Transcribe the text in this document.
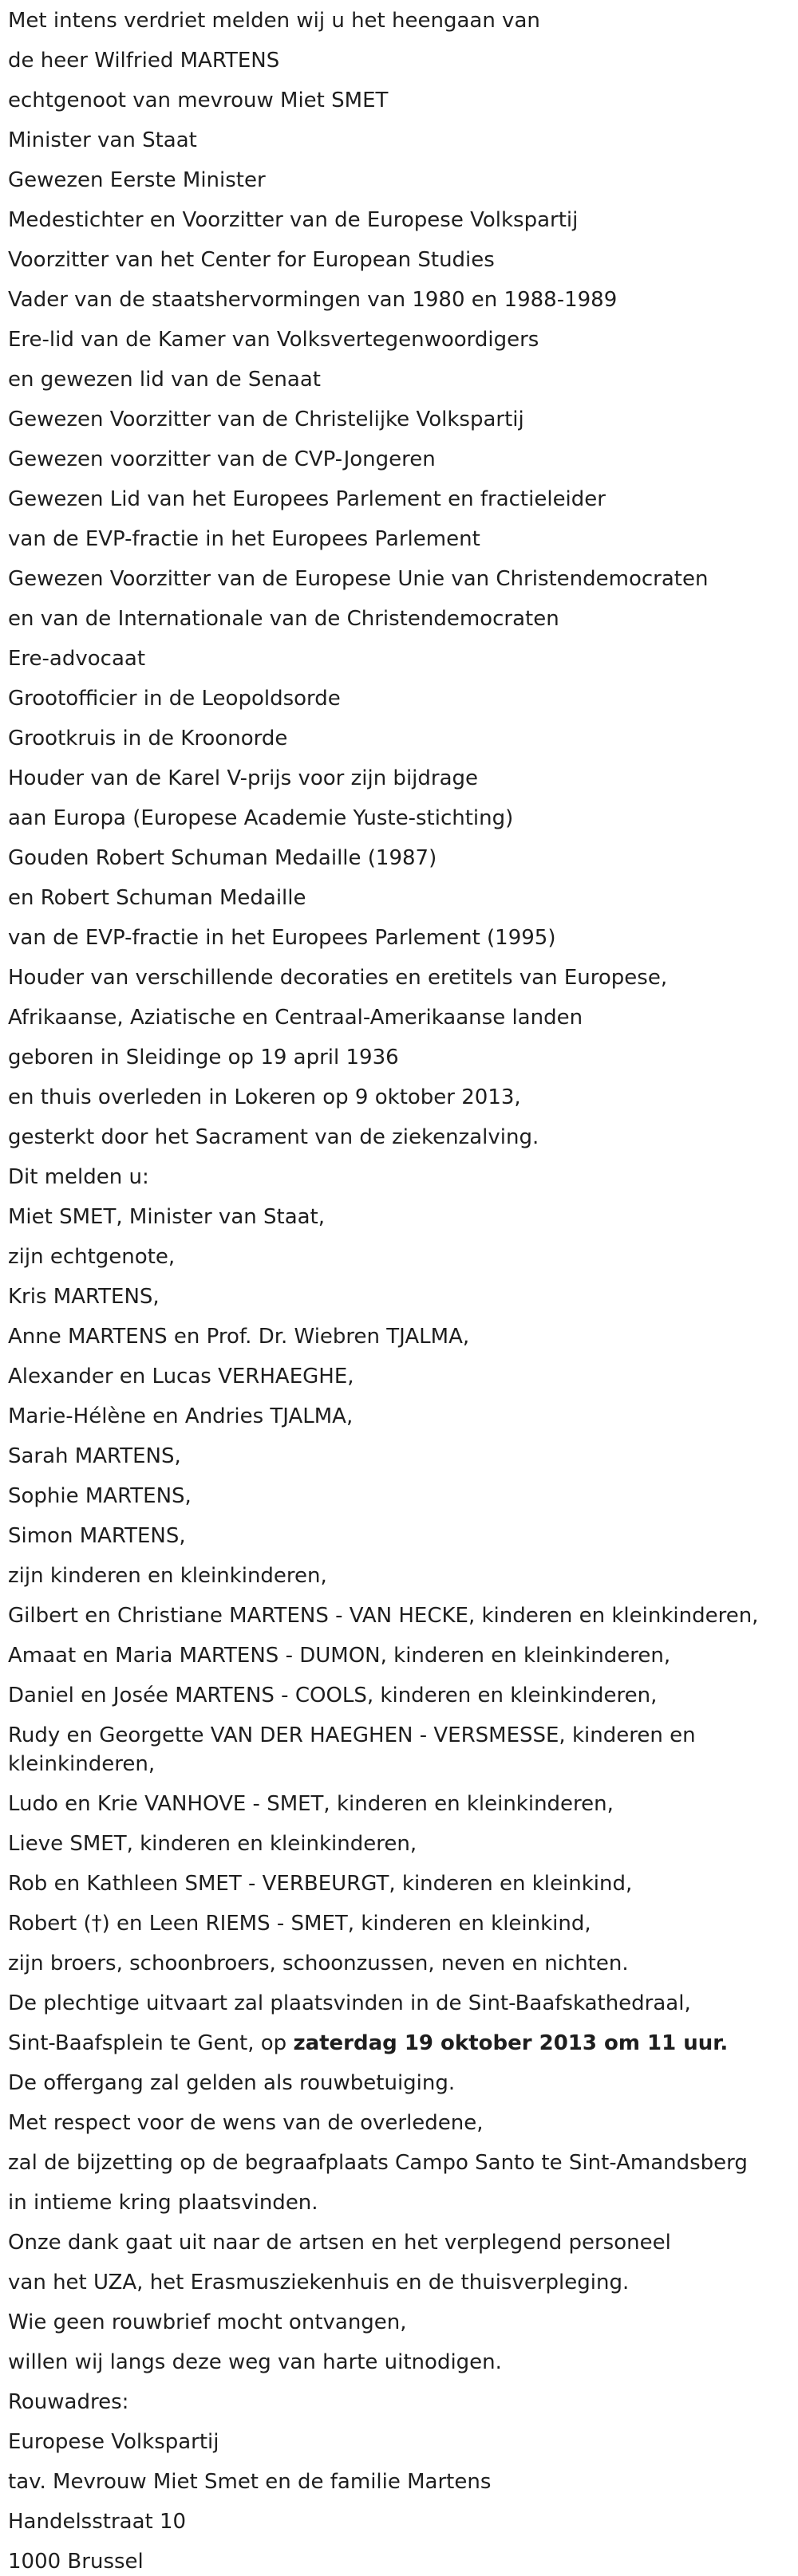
Met intens verdriet melden wij u het heengaan van
de heer Wilfried MARTENS
echtgenoot van mevrouw Miet SMET
Minister van Staat
Gewezen Eerste Minister
Medestichter en Voorzitter van de Europese Volkspartij
Voorzitter van het Center for European Studies
Vader van de staatshervormingen van 1980 en 1988-1989
Ere-lid van de Kamer van Volksvertegenwoordigers
en gewezen lid van de Senaat
Gewezen Voorzitter van de Christelijke Volkspartij
Gewezen voorzitter van de CVP-Jongeren
Gewezen Lid van het Europees Parlement en fractieleider
van de EVP-fractie in het Europees Parlement
Gewezen Voorzitter van de Europese Unie van Christendemocraten
en van de Internationale van de Christendemocraten
Ere-advocaat
Grootofficier in de Leopoldsorde
Grootkruis in de Kroonorde
Houder van de Karel V-prijs voor zijn bijdrage
aan Europa (Europese Academie Yuste-stichting)
Gouden Robert Schuman Medaille (1987)
en Robert Schuman Medaille
van de EVP-fractie in het Europees Parlement (1995)
Houder van verschillende decoraties en eretitels van Europese,
Afrikaanse, Aziatische en Centraal-Amerikaanse landen
geboren in Sleidinge op 19 april 1936
en thuis overleden in Lokeren op 9 oktober 2013,
gesterkt door het Sacrament van de ziekenzalving.
Dit melden u:
Miet SMET, Minister van Staat,
zijn echtgenote,
Kris MARTENS,
Anne MARTENS en Prof. Dr. Wiebren TJALMA,
Alexander en Lucas VERHAEGHE,
Marie-Hélène en Andries TJALMA,
Sarah MARTENS,
Sophie MARTENS,
Simon MARTENS,
zijn kinderen en kleinkinderen,
Gilbert en Christiane MARTENS - VAN HECKE, kinderen en kleinkinderen,
Amaat en Maria MARTENS - DUMON, kinderen en kleinkinderen,
Daniel en Josée MARTENS - COOLS, kinderen en kleinkinderen,
Rudy en Georgette VAN DER HAEGHEN - VERSMESSE, kinderen en kleinkinderen,
Ludo en Krie VANHOVE - SMET, kinderen en kleinkinderen,
Lieve SMET, kinderen en kleinkinderen,
Rob en Kathleen SMET - VERBEURGT, kinderen en kleinkind,
Robert (†) en Leen RIEMS - SMET, kinderen en kleinkind,
zijn broers, schoonbroers, schoonzussen, neven en nichten.
De plechtige uitvaart zal plaatsvinden in de Sint-Baafskathedraal,
Sint-Baafsplein te Gent, op zaterdag 19 oktober 2013 om 11 uur.
De offergang zal gelden als rouwbetuiging.
Met respect voor de wens van de overledene,
zal de bijzetting op de begraafplaats Campo Santo te Sint-Amandsberg
in intieme kring plaatsvinden.
Onze dank gaat uit naar de artsen en het verplegend personeel
van het UZA, het Erasmusziekenhuis en de thuisverpleging.
Wie geen rouwbrief mocht ontvangen,
willen wij langs deze weg van harte uitnodigen.
Rouwadres:
Europese Volkspartij
tav. Mevrouw Miet Smet en de familie Martens
Handelsstraat 10
1000 Brussel
